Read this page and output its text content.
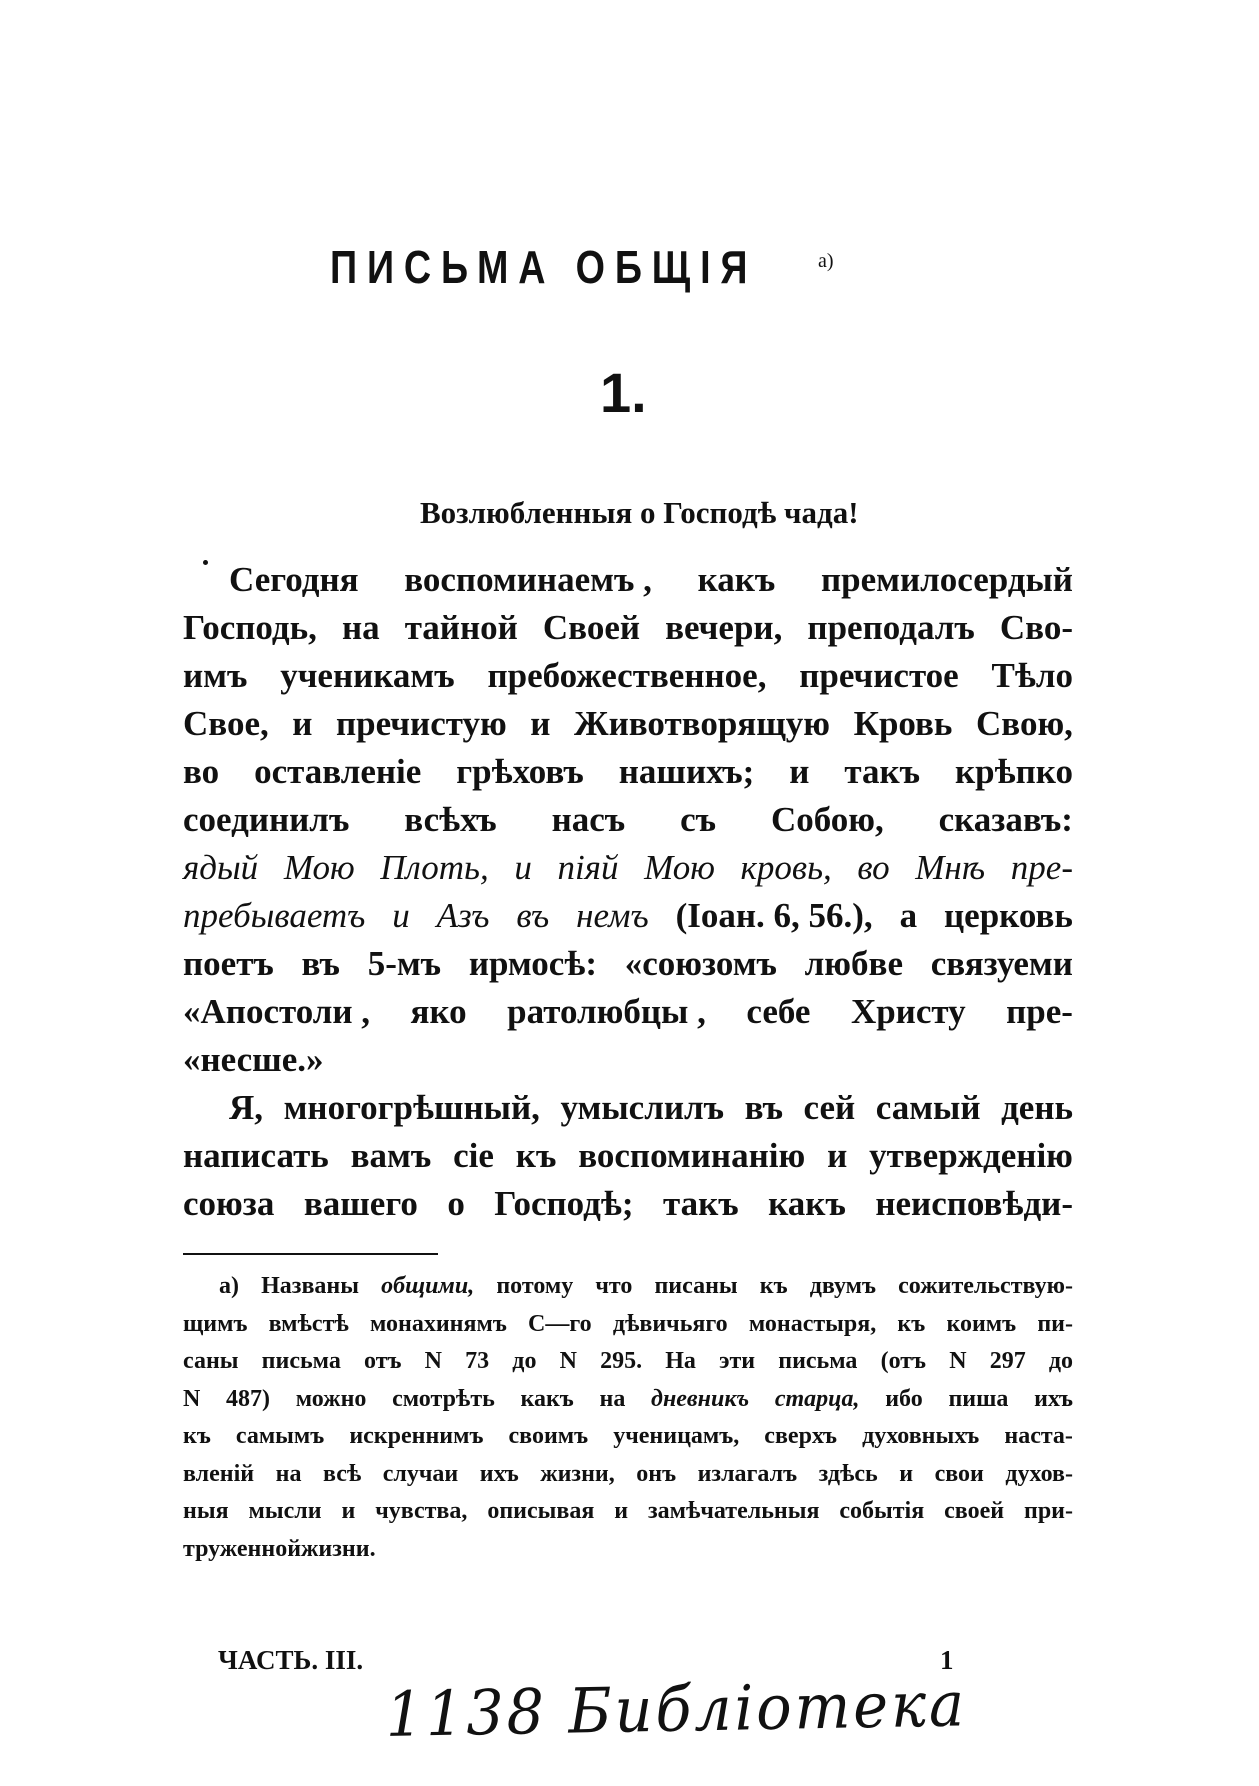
ПИСЬМА ОБЩІЯ	а)
1.
Возлюбленныя о Господѣ чада!
Сегодня воспоминаемъ , какъ премилосердый
Господь, на тайной Своей вечери, преподалъ Сво-
имъ ученикамъ пребожественное, пречистое Тѣло
Свое, и пречистую и Животворящую Кровь Свою,
во оставленіе грѣховъ нашихъ; и такъ крѣпко
соединилъ всѣхъ насъ съ Собою, сказавъ:
ядый Мою Плоть, и піяй Мою кровь, во Мнѣ пре-
пребываетъ и Азъ въ немъ (Іоан. 6, 56.), а церковь
поетъ въ 5-мъ ирмосѣ: «союзомъ любве связуеми
«Апостоли , яко ратолюбцы , себе Христу пре-
«несше.»
Я, многогрѣшный, умыслилъ въ сей самый день
написать вамъ сіе къ воспоминанію и утвержденію
союза вашего о Господѣ; такъ какъ неисповѣди-
а) Названы общими, потому что писаны къ двумъ сожительствую-
щимъ вмѣстѣ монахинямъ С—го дѣвичьяго монастыря, къ коимъ пи-
саны письма отъ N 73 до N 295. На эти письма (отъ N 297 до
N 487) можно смотрѣть какъ на дневникъ старца, ибо пиша ихъ
къ самымъ искреннимъ своимъ ученицамъ, сверхъ духовныхъ наста-
вленій на всѣ случаи ихъ жизни, онъ излагалъ здѣсь и свои духов-
ныя мысли и чувства, описывая и замѣчательныя событія своей при-
труженной жизни.
ЧАСТЬ. III.	1
1138 Библіотека
